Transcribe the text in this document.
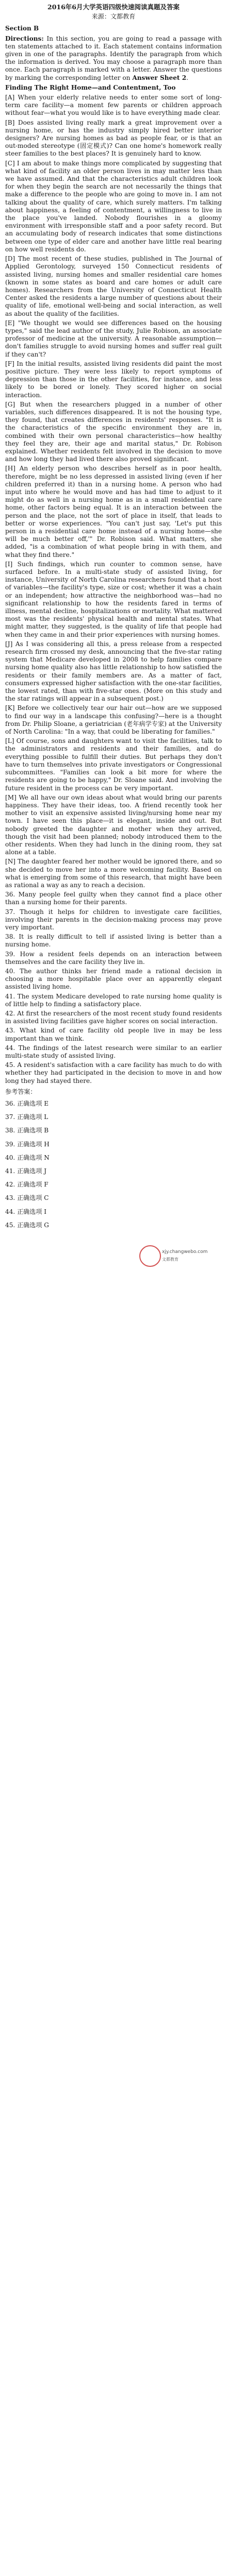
2016年6月大学英语四级快速阅读真题及答案
来源：文都教育
Section B
Directions: In this section, you are going to read a passage with ten statements attached to it. Each statement contains information given in one of the paragraphs. Identify the paragraph from which the information is derived. You may choose a paragraph more than once. Each paragraph is marked with a letter. Answer the questions by marking the corresponding letter on Answer Sheet 2.
Finding The Right Home—and Contentment, Too

[A] When your elderly relative needs to enter some sort of long-term care facility—a moment few parents or children approach without fear—what you would like is to have everything made clear.

[B] Does assisted living really mark a great improvement over a nursing home, or has the industry simply hired better interior designers? Are nursing homes as bad as people fear, or is that an out-moded stereotype (固定模式)? Can one home's homework really steer families to the best places? It is genuinely hard to know.

[C] I am about to make things more complicated by suggesting that what kind of facility an older person lives in may matter less than we have assumed. And that the characteristics adult children look for when they begin the search are not necessarily the things that make a difference to the people who are going to move in. I am not talking about the quality of care, which surely matters. I'm talking about happiness, a feeling of contentment, a willingness to live in the place you've landed. Nobody flourishes in a gloomy environment with irresponsible staff and a poor safety record. But an accumulating body of research indicates that some distinctions between one type of elder care and another have little real bearing on how well residents do.

[D] The most recent of these studies, published in The Journal of Applied Gerontology, surveyed 150 Connecticut residents of assisted living, nursing homes and smaller residential care homes (known in some states as board and care homes or adult care homes). Researchers from the University of Connecticut Health Center asked the residents a large number of questions about their quality of life, emotional well-being and social interaction, as well as about the quality of the facilities.

[E] "We thought we would see differences based on the housing types," said the lead author of the study, Julie Robison, an associate professor of medicine at the university. A reasonable assumption—don't families struggle to avoid nursing homes and suffer real guilt if they can't?

[F] In the initial results, assisted living residents did paint the most positive picture. They were less likely to report symptoms of depression than those in the other facilities, for instance, and less likely to be bored or lonely. They scored higher on social interaction.

[G] But when the researchers plugged in a number of other variables, such differences disappeared. It is not the housing type, they found, that creates differences in residents' responses. "It is the characteristics of the specific environment they are in, combined with their own personal characteristics—how healthy they feel they are, their age and marital status," Dr. Robison explained. Whether residents felt involved in the decision to move and how long they had lived there also proved significant.

[H] An elderly person who describes herself as in poor health, therefore, might be no less depressed in assisted living (even if her children preferred it) than in a nursing home. A person who had input into where he would move and has had time to adjust to it might do as well in a nursing home as in a small residential care home, other factors being equal. It is an interaction between the person and the place, not the sort of place in itself, that leads to better or worse experiences. "You can't just say, 'Let's put this person in a residential care home instead of a nursing home—she will be much better off,'" Dr. Robison said. What matters, she added, "is a combination of what people bring in with them, and what they find there."

[I] Such findings, which run counter to common sense, have surfaced before. In a multi-state study of assisted living, for instance, University of North Carolina researchers found that a host of variables—the facility's type, size or cost; whether it was a chain or an independent; how attractive the neighborhood was—had no significant relationship to how the residents fared in terms of illness, mental decline, hospitalizations or mortality. What mattered most was the residents' physical health and mental states. What might matter, they suggested, is the quality of life that people had when they came in and their prior experiences with nursing homes.

[J] As I was considering all this, a press release from a respected research firm crossed my desk, announcing that the five-star rating system that Medicare developed in 2008 to help families compare nursing home quality also has little relationship to how satisfied the residents or their family members are. As a matter of fact, consumers expressed higher satisfaction with the one-star facilities, the lowest rated, than with five-star ones. (More on this study and the star ratings will appear in a subsequent post.)

[K] Before we collectively tear our hair out—how are we supposed to find our way in a landscape this confusing?—here is a thought from Dr. Philip Sloane, a geriatrician (老年病学专家) at the University of North Carolina: "In a way, that could be liberating for families."

[L] Of course, sons and daughters want to visit the facilities, talk to the administrators and residents and their families, and do everything possible to fulfill their duties. But perhaps they don't have to turn themselves into private investigators or Congressional subcommittees. "Families can look a bit more for where the residents are going to be happy," Dr. Sloane said. And involving the future resident in the process can be very important.

[M] We all have our own ideas about what would bring our parents happiness. They have their ideas, too. A friend recently took her mother to visit an expensive assisted living/nursing home near my town. I have seen this place—it is elegant, inside and out. But nobody greeted the daughter and mother when they arrived, though the visit had been planned; nobody introduced them to the other residents. When they had lunch in the dining room, they sat alone at a table.

[N] The daughter feared her mother would be ignored there, and so she decided to move her into a more welcoming facility. Based on what is emerging from some of this research, that might have been as rational a way as any to reach a decision.

36. Many people feel guilty when they cannot find a place other than a nursing home for their parents.

37. Though it helps for children to investigate care facilities, involving their parents in the decision-making process may prove very important.

38. It is really difficult to tell if assisted living is better than a nursing home.

39. How a resident feels depends on an interaction between themselves and the care facility they live in.

40. The author thinks her friend made a rational decision in choosing a more hospitable place over an apparently elegant assisted living home.

41. The system Medicare developed to rate nursing home quality is of little help to finding a satisfactory place.

42. At first the researchers of the most recent study found residents in assisted living facilities gave higher scores on social interaction.

43. What kind of care facility old people live in may be less important than we think.

44. The findings of the latest research were similar to an earlier multi-state study of assisted living.

45. A resident's satisfaction with a care facility has much to do with whether they had participated in the decision to move in and how long they had stayed there.

参考答案：
36. 正确选项 E
37. 正确选项 L
38. 正确选项 B
39. 正确选项 H
40. 正确选项 N
41. 正确选项 J
42. 正确选项 F
43. 正确选项 C
44. 正确选项 I
45. 正确选项 G
xjy.changwebo.com
文都教育
